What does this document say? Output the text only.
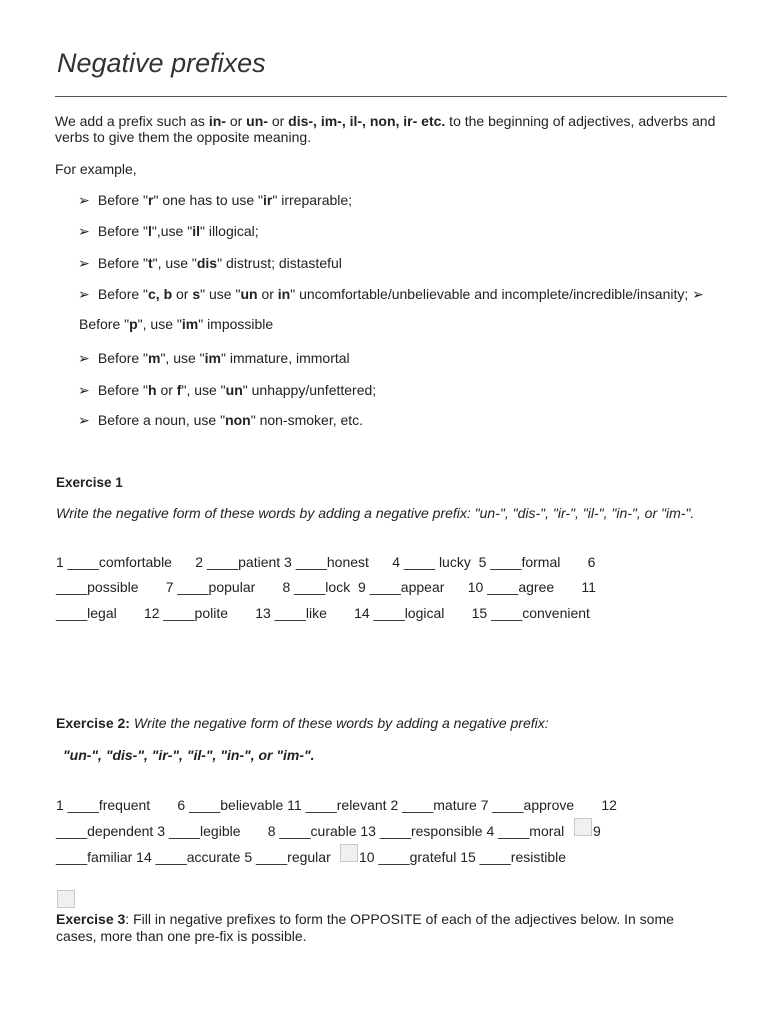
Negative prefixes
We add a prefix such as in- or un- or dis-, im-, il-, non, ir- etc. to the beginning of adjectives, adverbs and
verbs to give them the opposite meaning.
For example,
➢ Before "r" one has to use "ir" irreparable;
➢ Before "l",use "il" illogical;
➢ Before "t", use "dis" distrust; distasteful
➢ Before "c, b or s" use "un or in" uncomfortable/unbelievable and incomplete/incredible/insanity; ➢
Before "p", use "im" impossible
➢ Before "m", use "im" immature, immortal
➢ Before "h or f", use "un" unhappy/unfettered;
➢ Before a noun, use "non" non-smoker, etc.
Exercise 1
Write the negative form of these words by adding a negative prefix: "un-", "dis-", "ir-", "il-", "in-", or "im-".
1 ____comfortable      2 ____patient 3 ____honest      4 ____ lucky  5 ____formal       6
____possible       7 ____popular       8 ____lock  9 ____appear      10 ____agree       11
____legal       12 ____polite       13 ____like       14 ____logical       15 ____convenient
Exercise 2: Write the negative form of these words by adding a negative prefix:
"un-", "dis-", "ir-", "il-", "in-", or "im-".
1 ____frequent       6 ____believable 11 ____relevant 2 ____mature 7 ____approve       12
____dependent 3 ____legible       8 ____curable 13 ____responsible 4 ____moral 9
____familiar 14 ____accurate 5 ____regular 10 ____grateful 15 ____resistible
Exercise 3: Fill in negative prefixes to form the OPPOSITE of each of the adjectives below. In some
cases, more than one pre-fix is possible.
